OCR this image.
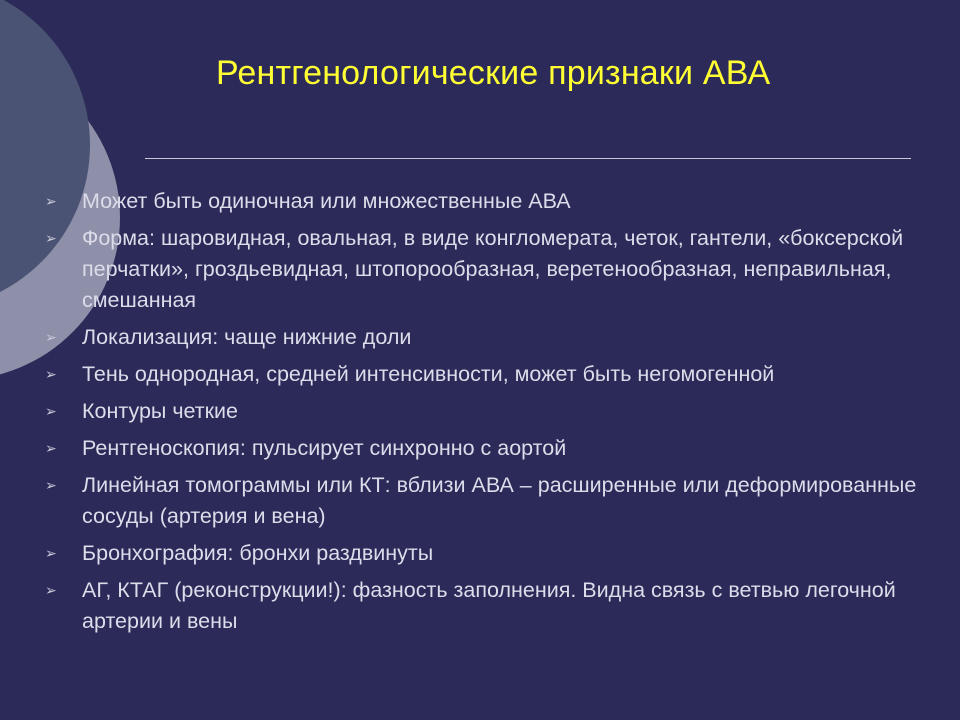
Рентгенологические признаки АВА
➢ Может быть одиночная или множественные АВА
➢ Форма: шаровидная, овальная, в виде конгломерата, четок, гантели, «боксерской перчатки», гроздьевидная, штопорообразная, веретенообразная, неправильная, смешанная
➢ Локализация: чаще нижние доли
➢ Тень однородная, средней интенсивности, может быть негомогенной
➢ Контуры четкие
➢ Рентгеноскопия: пульсирует синхронно с аортой
➢ Линейная томограммы или КТ: вблизи АВА – расширенные или деформированные сосуды (артерия и вена)
➢ Бронхография: бронхи раздвинуты
➢ АГ, КТАГ (реконструкции!): фазность заполнения. Видна связь с ветвью легочной артерии и вены
